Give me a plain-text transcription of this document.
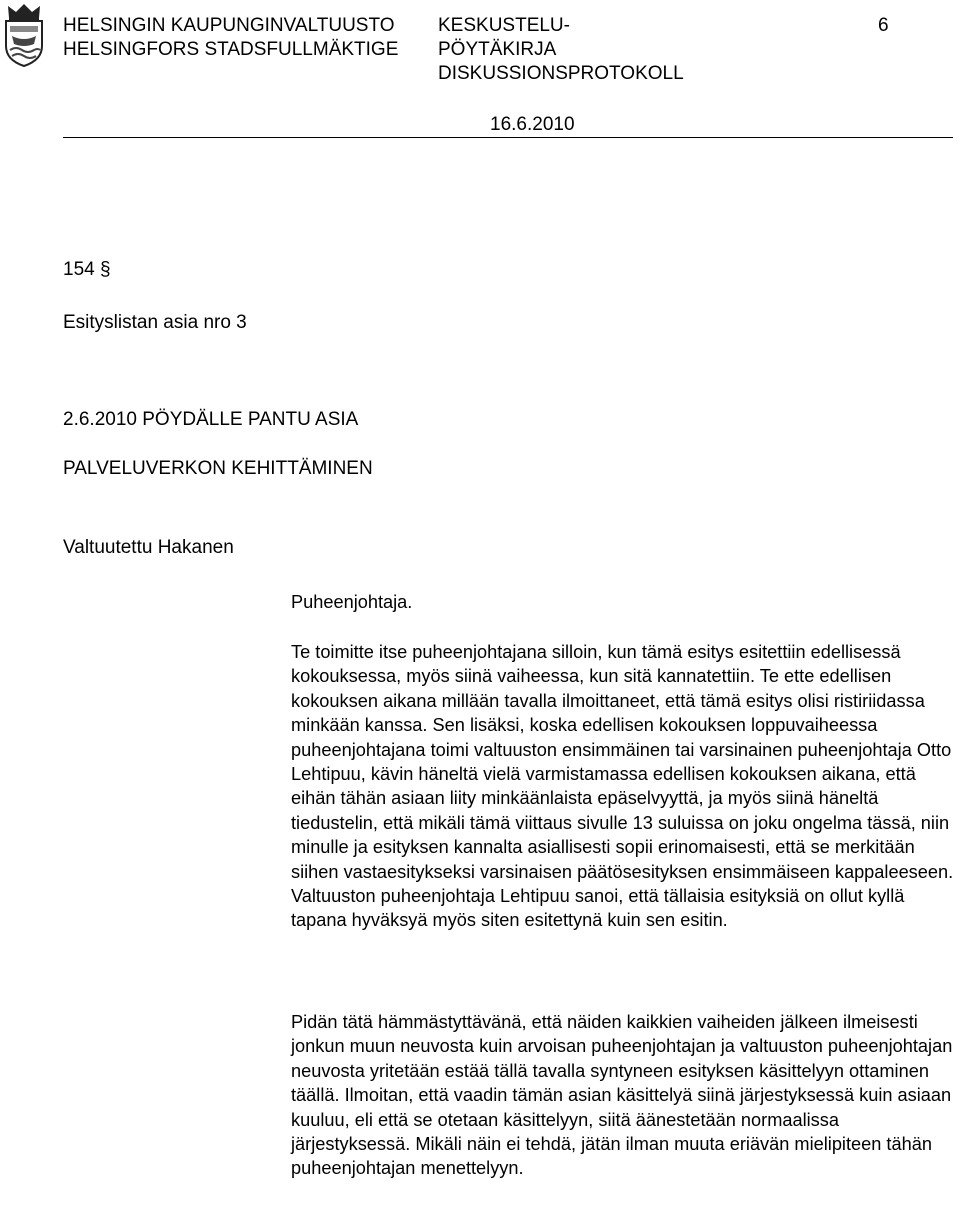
HELSINGIN KAUPUNGINVALTUUSTO
HELSINGFORS STADSFULLMÄKTIGE
KESKUSTELU-
PÖYTÄKIRJA
DISKUSSIONSPROTOKOLL
6
16.6.2010
154 §
Esityslistan asia nro 3
2.6.2010 PÖYDÄLLE PANTU ASIA
PALVELUVERKON KEHITTÄMINEN
Valtuutettu Hakanen

Puheenjohtaja.

Te toimitte itse puheenjohtajana silloin, kun tämä esitys esitettiin edellisessä kokouksessa, myös siinä vaiheessa, kun sitä kannatettiin. Te ette edellisen kokouksen aikana millään tavalla ilmoittaneet, että tämä esitys olisi ristiriidassa minkään kanssa. Sen lisäksi, koska edellisen kokouksen loppuvaiheessa puheenjohtajana toimi valtuuston ensimmäinen tai varsinainen puheenjohtaja Otto Lehtipuu, kävin häneltä vielä varmistamassa edellisen kokouksen aikana, että eihän tähän asiaan liity minkäänlaista epäselvyyttä, ja myös siinä häneltä tiedustelin, että mikäli tämä viittaus sivulle 13 suluissa on joku ongelma tässä, niin minulle ja esityksen kannalta asiallisesti sopii erinomaisesti, että se merkitään siihen vastaesitykseksi varsinaisen päätösesityksen ensimmäiseen kappaleeseen. Valtuuston puheenjohtaja Lehtipuu sanoi, että tällaisia esityksiä on ollut kyllä tapana hyväksyä myös siten esitettynä kuin sen esitin.

Pidän tätä hämmästyttävänä, että näiden kaikkien vaiheiden jälkeen ilmeisesti jonkun muun neuvosta kuin arvoisan puheenjohtajan ja valtuuston puheenjohtajan neuvosta yritetään estää tällä tavalla syntyneen esityksen käsittelyyn ottaminen täällä. Ilmoitan, että vaadin tämän asian käsittelyä siinä järjestyksessä kuin asiaan kuuluu, eli että se otetaan käsittelyyn, siitä äänestetään normaalissa järjestyksessä. Mikäli näin ei tehdä, jätän ilman muuta eriävän mielipiteen tähän puheenjohtajan menettelyyn.
